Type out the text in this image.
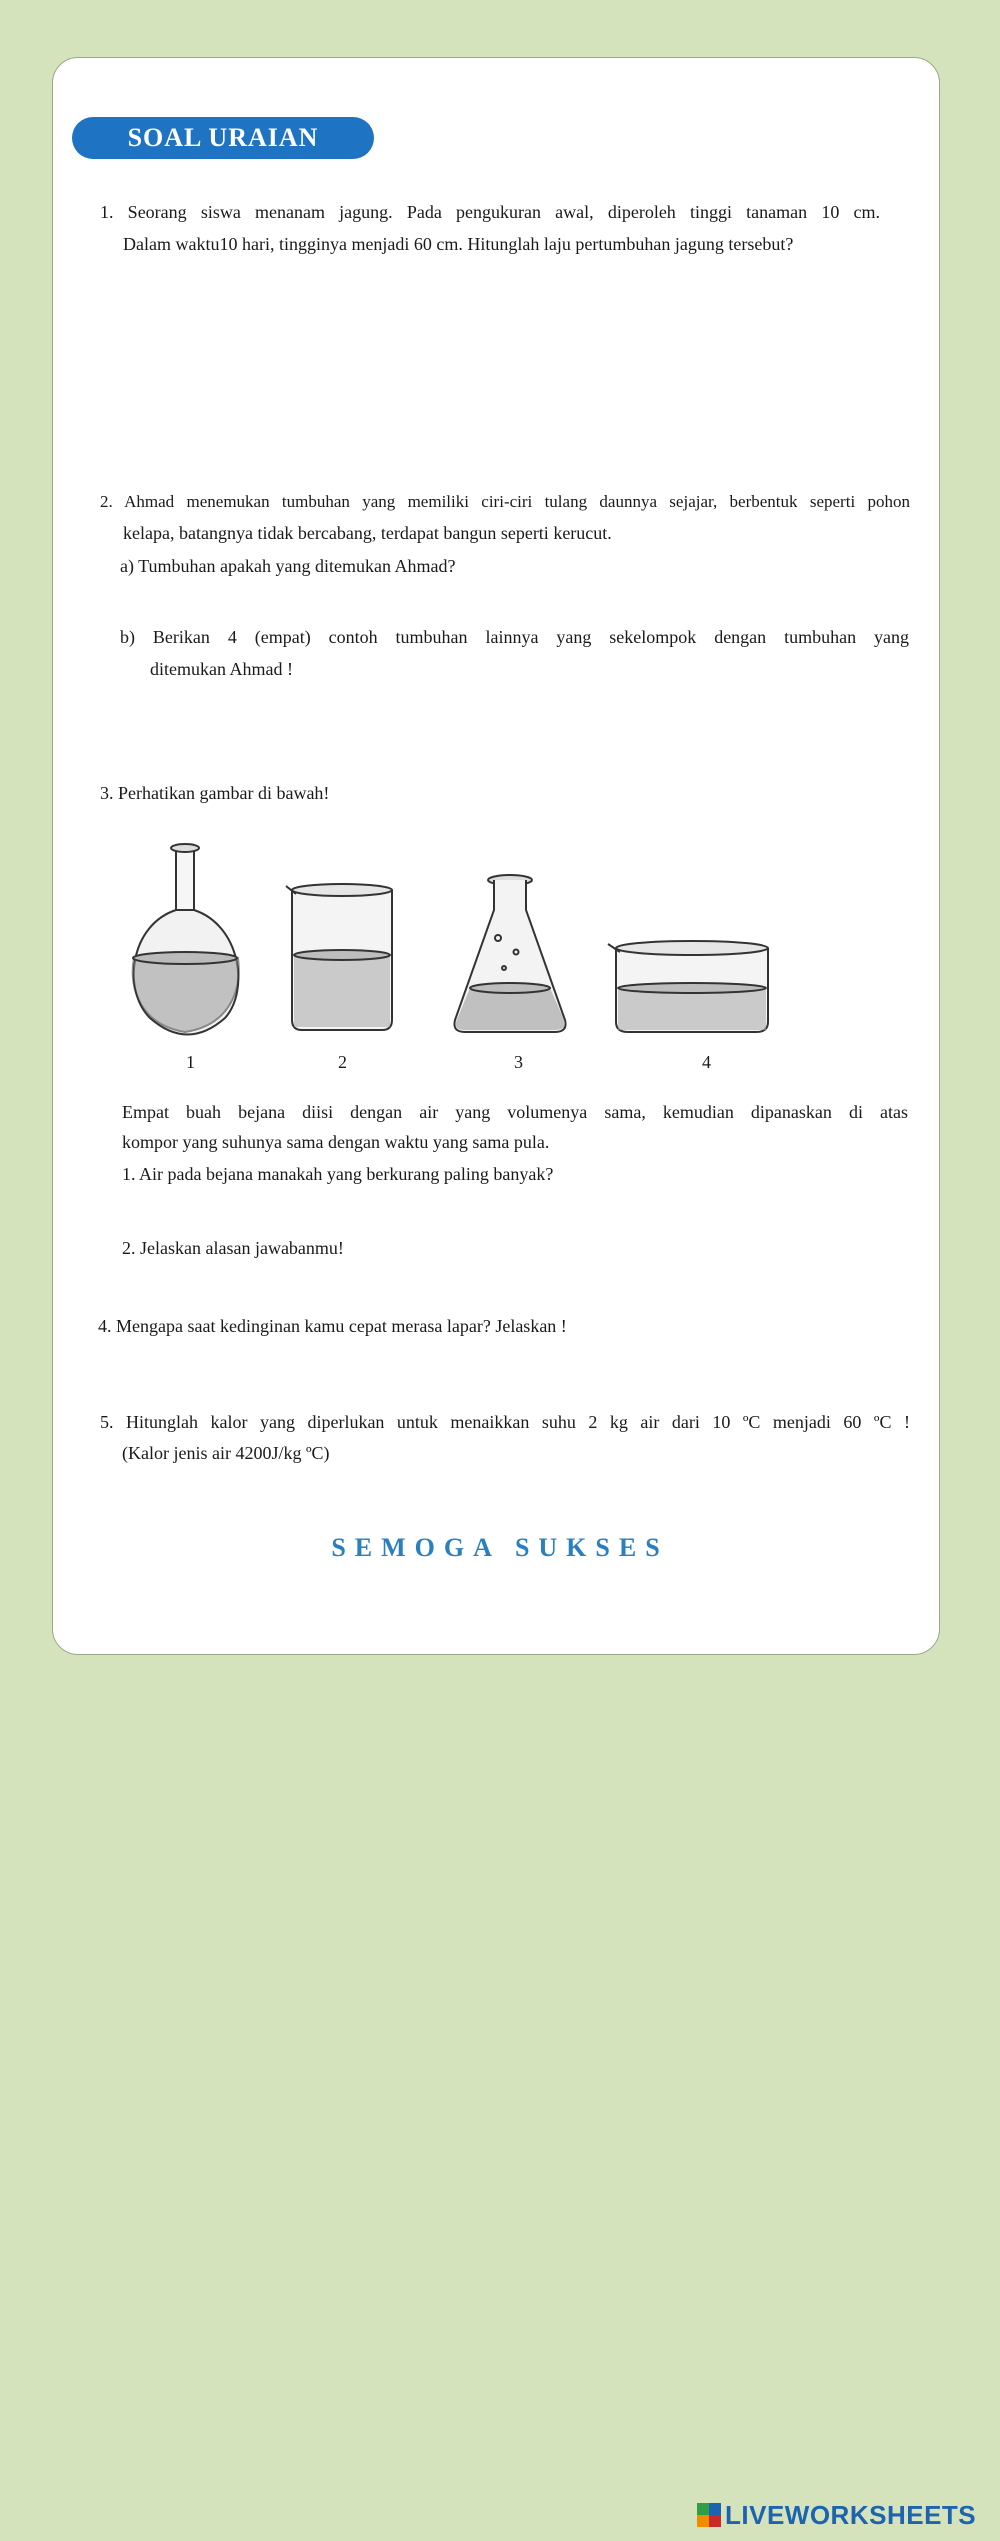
SOAL URAIAN
1. Seorang siswa menanam jagung. Pada pengukuran awal, diperoleh tinggi tanaman 10 cm.
Dalam waktu10 hari, tingginya menjadi 60 cm. Hitunglah laju pertumbuhan jagung tersebut?
2. Ahmad menemukan tumbuhan yang memiliki ciri-ciri tulang daunnya sejajar, berbentuk seperti pohon
kelapa, batangnya tidak bercabang, terdapat bangun seperti kerucut.
a) Tumbuhan apakah yang ditemukan Ahmad?
b) Berikan 4 (empat) contoh tumbuhan lainnya yang sekelompok dengan tumbuhan yang
ditemukan Ahmad !
3. Perhatikan gambar di bawah!
1	2	3	4
Empat buah bejana diisi dengan air yang volumenya sama, kemudian dipanaskan di atas
kompor yang suhunya sama dengan waktu yang sama pula.
1. Air pada bejana manakah yang berkurang paling banyak?
2. Jelaskan alasan jawabanmu!
4. Mengapa saat kedinginan kamu cepat merasa lapar? Jelaskan !
5. Hitunglah kalor yang diperlukan untuk menaikkan suhu 2 kg air dari 10 ºC menjadi 60 ºC !
(Kalor jenis air 4200J/kg ºC)
SEMOGA SUKSES
LIVEWORKSHEETS
